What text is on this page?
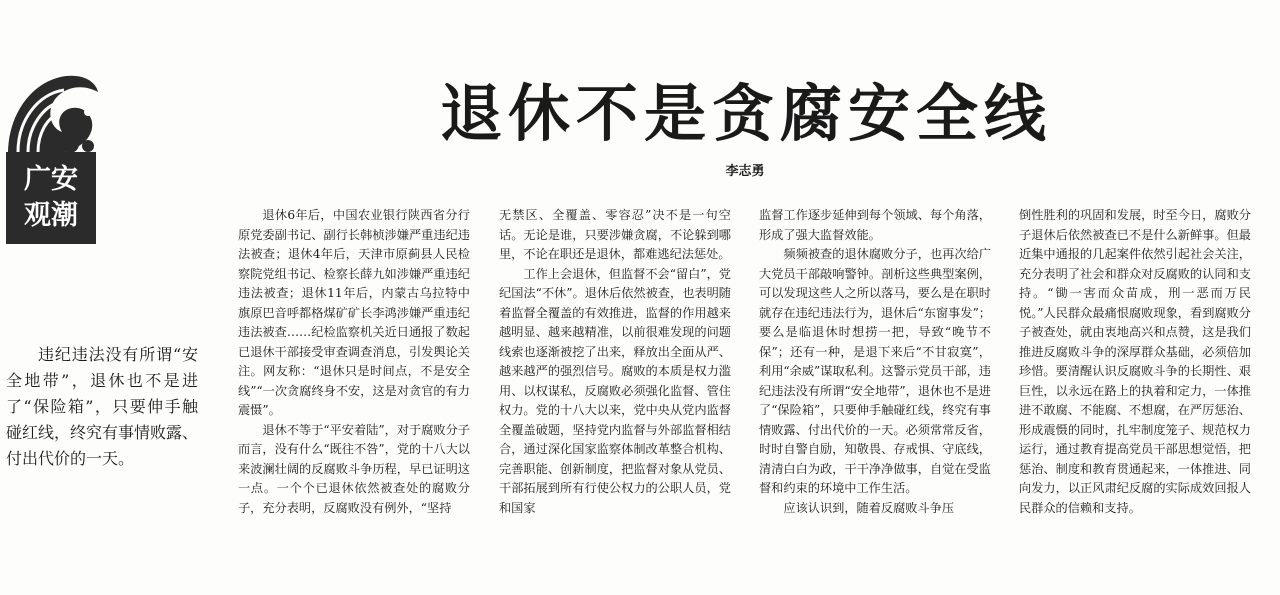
广安
观潮
退休不是贪腐安全线
李志勇

违纪违法没有所谓“安全地带”，退休也不是进了“保险箱”，只要伸手触碰红线，终究有事情败露、付出代价的一天。

退休6年后，中国农业银行陕西省分行原党委副书记、副行长韩桢涉嫌严重违纪违法被查；退休4年后，天津市原蓟县人民检察院党组书记、检察长薛九如涉嫌严重违纪违法被查；退休11年后，内蒙古乌拉特中旗原巴音呼都格煤矿矿长李鸿涉嫌严重违纪违法被查……纪检监察机关近日通报了数起已退休干部接受审查调查消息，引发舆论关注。网友称：“退休只是时间点，不是安全线”“一次贪腐终身不安，这是对贪官的有力震慑”。

退休不等于“平安着陆”，对于腐败分子而言，没有什么“既往不咎”，党的十八大以来波澜壮阔的反腐败斗争历程，早已证明这一点。一个个已退休依然被查处的腐败分子，充分表明，反腐败没有例外，“坚持

无禁区、全覆盖、零容忍”决不是一句空话。无论是谁，只要涉嫌贪腐，不论躲到哪里，不论在职还是退休，都难逃纪法惩处。

工作上会退休，但监督不会“留白”，党纪国法“不休”。退休后依然被查，也表明随着监督全覆盖的有效推进，监督的作用越来越明显、越来越精准，以前很难发现的问题线索也逐渐被挖了出来，释放出全面从严、越来越严的强烈信号。腐败的本质是权力滥用、以权谋私，反腐败必须强化监督、管住权力。党的十八大以来，党中央从党内监督全覆盖破题，坚持党内监督与外部监督相结合，通过深化国家监察体制改革整合机构、完善职能、创新制度，把监督对象从党员、干部拓展到所有行使公权力的公职人员，党和国家

监督工作逐步延伸到每个领域、每个角落，形成了强大监督效能。

频频被查的退休腐败分子，也再次给广大党员干部敲响警钟。剖析这些典型案例，可以发现这些人之所以落马，要么是在职时就存在违纪违法行为，退休后“东窗事发”；要么是临退休时想捞一把，导致“晚节不保”；还有一种，是退下来后“不甘寂寞”，利用“余威”谋取私利。这警示党员干部，违纪违法没有所谓“安全地带”，退休也不是进了“保险箱”，只要伸手触碰红线，终究有事情败露、付出代价的一天。必须常常反省，时时自警自励，知敬畏、存戒惧、守底线，清清白白为政，干干净净做事，自觉在受监督和约束的环境中工作生活。

应该认识到，随着反腐败斗争压

倒性胜利的巩固和发展，时至今日，腐败分子退休后依然被查已不是什么新鲜事。但最近集中通报的几起案件依然引起社会关注，充分表明了社会和群众对反腐败的认同和支持。“锄一害而众苗成，刑一恶而万民悦。”人民群众最痛恨腐败现象，看到腐败分子被查处，就由衷地高兴和点赞，这是我们推进反腐败斗争的深厚群众基础，必须倍加珍惜。要清醒认识反腐败斗争的长期性、艰巨性，以永远在路上的执着和定力，一体推进不敢腐、不能腐、不想腐，在严厉惩治、形成震慑的同时，扎牢制度笼子、规范权力运行，通过教育提高党员干部思想觉悟，把惩治、制度和教育贯通起来，一体推进、同向发力，以正风肃纪反腐的实际成效回报人民群众的信赖和支持。
